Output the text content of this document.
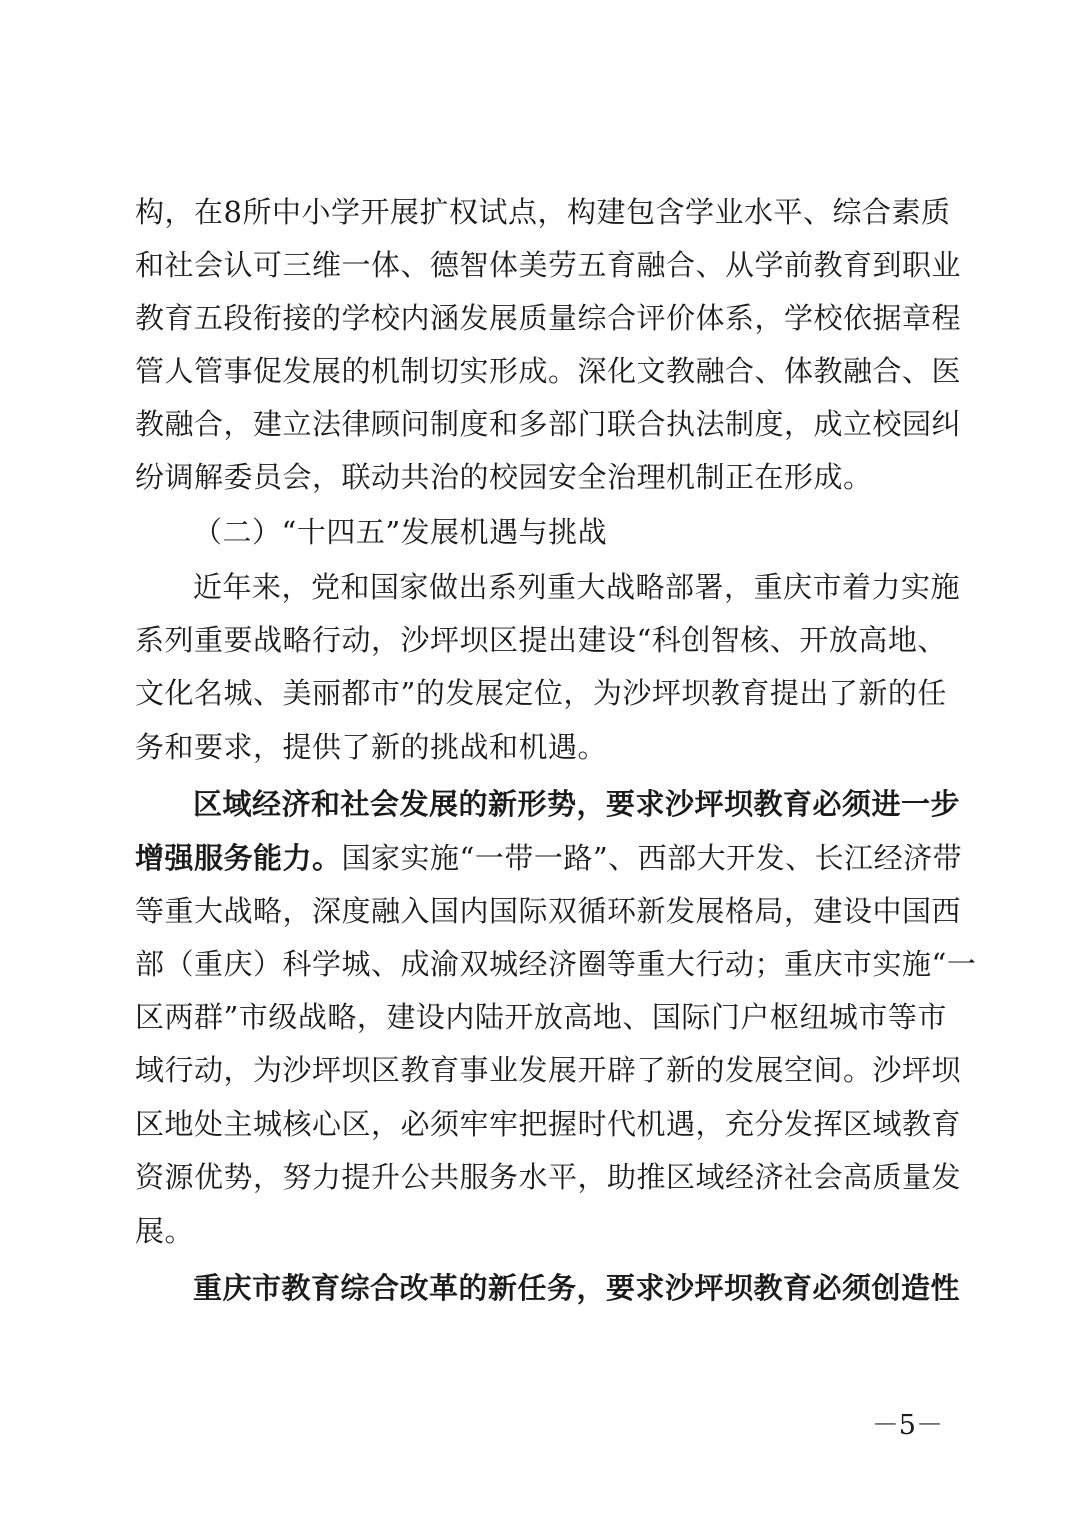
构，在8所中小学开展扩权试点，构建包含学业水平、综合素质
和社会认可三维一体、德智体美劳五育融合、从学前教育到职业
教育五段衔接的学校内涵发展质量综合评价体系，学校依据章程
管人管事促发展的机制切实形成。深化文教融合、体教融合、医
教融合，建立法律顾问制度和多部门联合执法制度，成立校园纠
纷调解委员会，联动共治的校园安全治理机制正在形成。
（二）“十四五”发展机遇与挑战
近年来，党和国家做出系列重大战略部署，重庆市着力实施
系列重要战略行动，沙坪坝区提出建设“科创智核、开放高地、
文化名城、美丽都市”的发展定位，为沙坪坝教育提出了新的任
务和要求，提供了新的挑战和机遇。
区域经济和社会发展的新形势，要求沙坪坝教育必须进一步
增强服务能力。国家实施“一带一路”、西部大开发、长江经济带
等重大战略，深度融入国内国际双循环新发展格局，建设中国西
部（重庆）科学城、成渝双城经济圈等重大行动；重庆市实施“一
区两群”市级战略，建设内陆开放高地、国际门户枢纽城市等市
域行动，为沙坪坝区教育事业发展开辟了新的发展空间。沙坪坝
区地处主城核心区，必须牢牢把握时代机遇，充分发挥区域教育
资源优势，努力提升公共服务水平，助推区域经济社会高质量发
展。
重庆市教育综合改革的新任务，要求沙坪坝教育必须创造性
－5－
